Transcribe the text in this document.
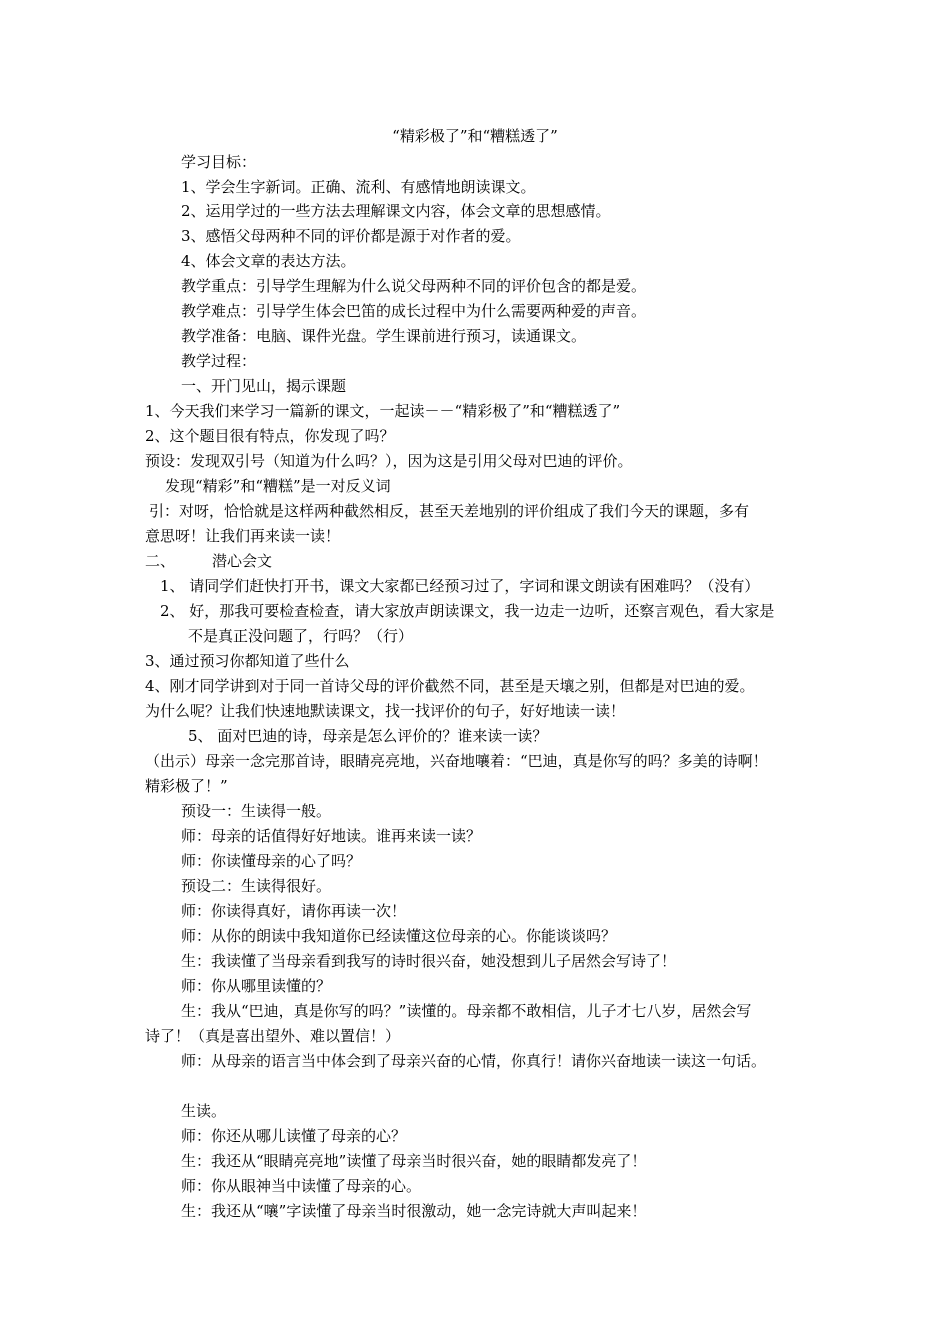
“精彩极了”和“糟糕透了”
学习目标：
1、学会生字新词。正确、流利、有感情地朗读课文。
2、运用学过的一些方法去理解课文内容，体会文章的思想感情。
3、感悟父母两种不同的评价都是源于对作者的爱。
4、体会文章的表达方法。
教学重点：引导学生理解为什么说父母两种不同的评价包含的都是爱。
教学难点：引导学生体会巴笛的成长过程中为什么需要两种爱的声音。
教学准备：电脑、课件光盘。学生课前进行预习，读通课文。
教学过程：
一、开门见山，揭示课题
1、今天我们来学习一篇新的课文，一起读－－“精彩极了”和“糟糕透了”
2、这个题目很有特点，你发现了吗？
预设：发现双引号（知道为什么吗？），因为这是引用父母对巴迪的评价。
发现“精彩”和“糟糕”是一对反义词
引：对呀，恰恰就是这样两种截然相反，甚至天差地别的评价组成了我们今天的课题，多有
意思呀！让我们再来读一读！
二、 潜心会文
1、 请同学们赶快打开书，课文大家都已经预习过了，字词和课文朗读有困难吗？（没有）
2、 好，那我可要检查检查，请大家放声朗读课文，我一边走一边听，还察言观色，看大家是
不是真正没问题了，行吗？（行）
3、通过预习你都知道了些什么
4、刚才同学讲到对于同一首诗父母的评价截然不同，甚至是天壤之别，但都是对巴迪的爱。
为什么呢？让我们快速地默读课文，找一找评价的句子，好好地读一读！
5、 面对巴迪的诗，母亲是怎么评价的？谁来读一读？
（出示）母亲一念完那首诗，眼睛亮亮地，兴奋地嚷着：“巴迪，真是你写的吗？多美的诗啊！
精彩极了！”
预设一：生读得一般。
师：母亲的话值得好好地读。谁再来读一读？
师：你读懂母亲的心了吗？
预设二：生读得很好。
师：你读得真好，请你再读一次！
师：从你的朗读中我知道你已经读懂这位母亲的心。你能谈谈吗？
生：我读懂了当母亲看到我写的诗时很兴奋，她没想到儿子居然会写诗了！
师：你从哪里读懂的？
生：我从“巴迪，真是你写的吗？”读懂的。母亲都不敢相信，儿子才七八岁，居然会写
诗了！（真是喜出望外、难以置信！）
师：从母亲的语言当中体会到了母亲兴奋的心情，你真行！请你兴奋地读一读这一句话。
生读。
师：你还从哪儿读懂了母亲的心？
生：我还从“眼睛亮亮地”读懂了母亲当时很兴奋，她的眼睛都发亮了！
师：你从眼神当中读懂了母亲的心。
生：我还从“嚷”字读懂了母亲当时很激动，她一念完诗就大声叫起来！
